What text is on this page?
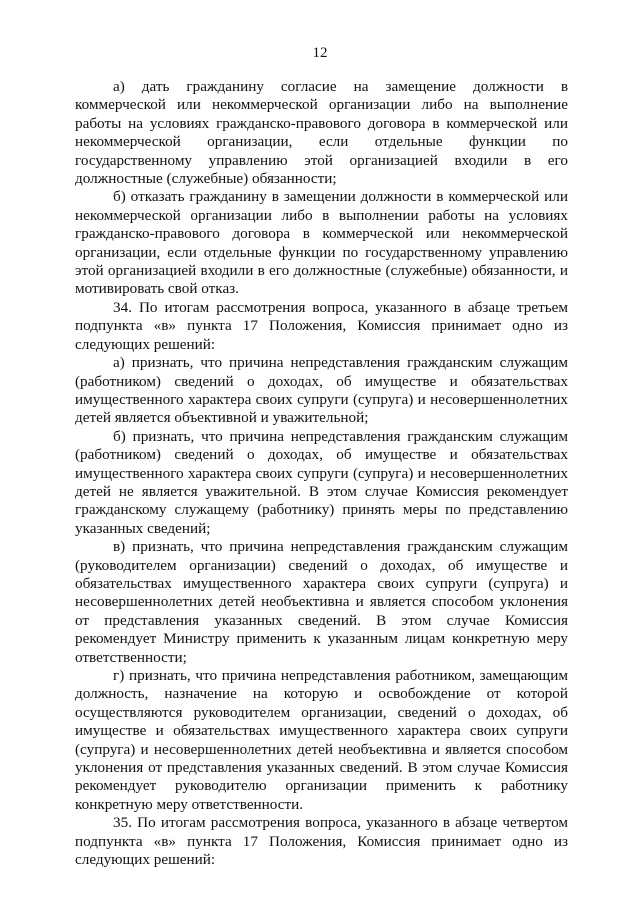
12

а) дать гражданину согласие на замещение должности в коммерческой или некоммерческой организации либо на выполнение работы на условиях гражданско-правового договора в коммерческой или некоммерческой организации, если отдельные функции по государственному управлению этой организацией входили в его должностные (служебные) обязанности;

б) отказать гражданину в замещении должности в коммерческой или некоммерческой организации либо в выполнении работы на условиях гражданско-правового договора в коммерческой или некоммерческой организации, если отдельные функции по государственному управлению этой организацией входили в его должностные (служебные) обязанности, и мотивировать свой отказ.

34. По итогам рассмотрения вопроса, указанного в абзаце третьем подпункта «в» пункта 17 Положения, Комиссия принимает одно из следующих решений:

а) признать, что причина непредставления гражданским служащим (работником) сведений о доходах, об имуществе и обязательствах имущественного характера своих супруги (супруга) и несовершеннолетних детей является объективной и уважительной;

б) признать, что причина непредставления гражданским служащим (работником) сведений о доходах, об имуществе и обязательствах имущественного характера своих супруги (супруга) и несовершеннолетних детей не является уважительной. В этом случае Комиссия рекомендует гражданскому служащему (работнику) принять меры по представлению указанных сведений;

в) признать, что причина непредставления гражданским служащим (руководителем организации) сведений о доходах, об имуществе и обязательствах имущественного характера своих супруги (супруга) и несовершеннолетних детей необъективна и является способом уклонения от представления указанных сведений. В этом случае Комиссия рекомендует Министру применить к указанным лицам конкретную меру ответственности;

г) признать, что причина непредставления работником, замещающим должность, назначение на которую и освобождение от которой осуществляются руководителем организации, сведений о доходах, об имуществе и обязательствах имущественного характера своих супруги (супруга) и несовершеннолетних детей необъективна и является способом уклонения от представления указанных сведений. В этом случае Комиссия рекомендует руководителю организации применить к работнику конкретную меру ответственности.

35. По итогам рассмотрения вопроса, указанного в абзаце четвертом подпункта «в» пункта 17 Положения, Комиссия принимает одно из следующих решений:
